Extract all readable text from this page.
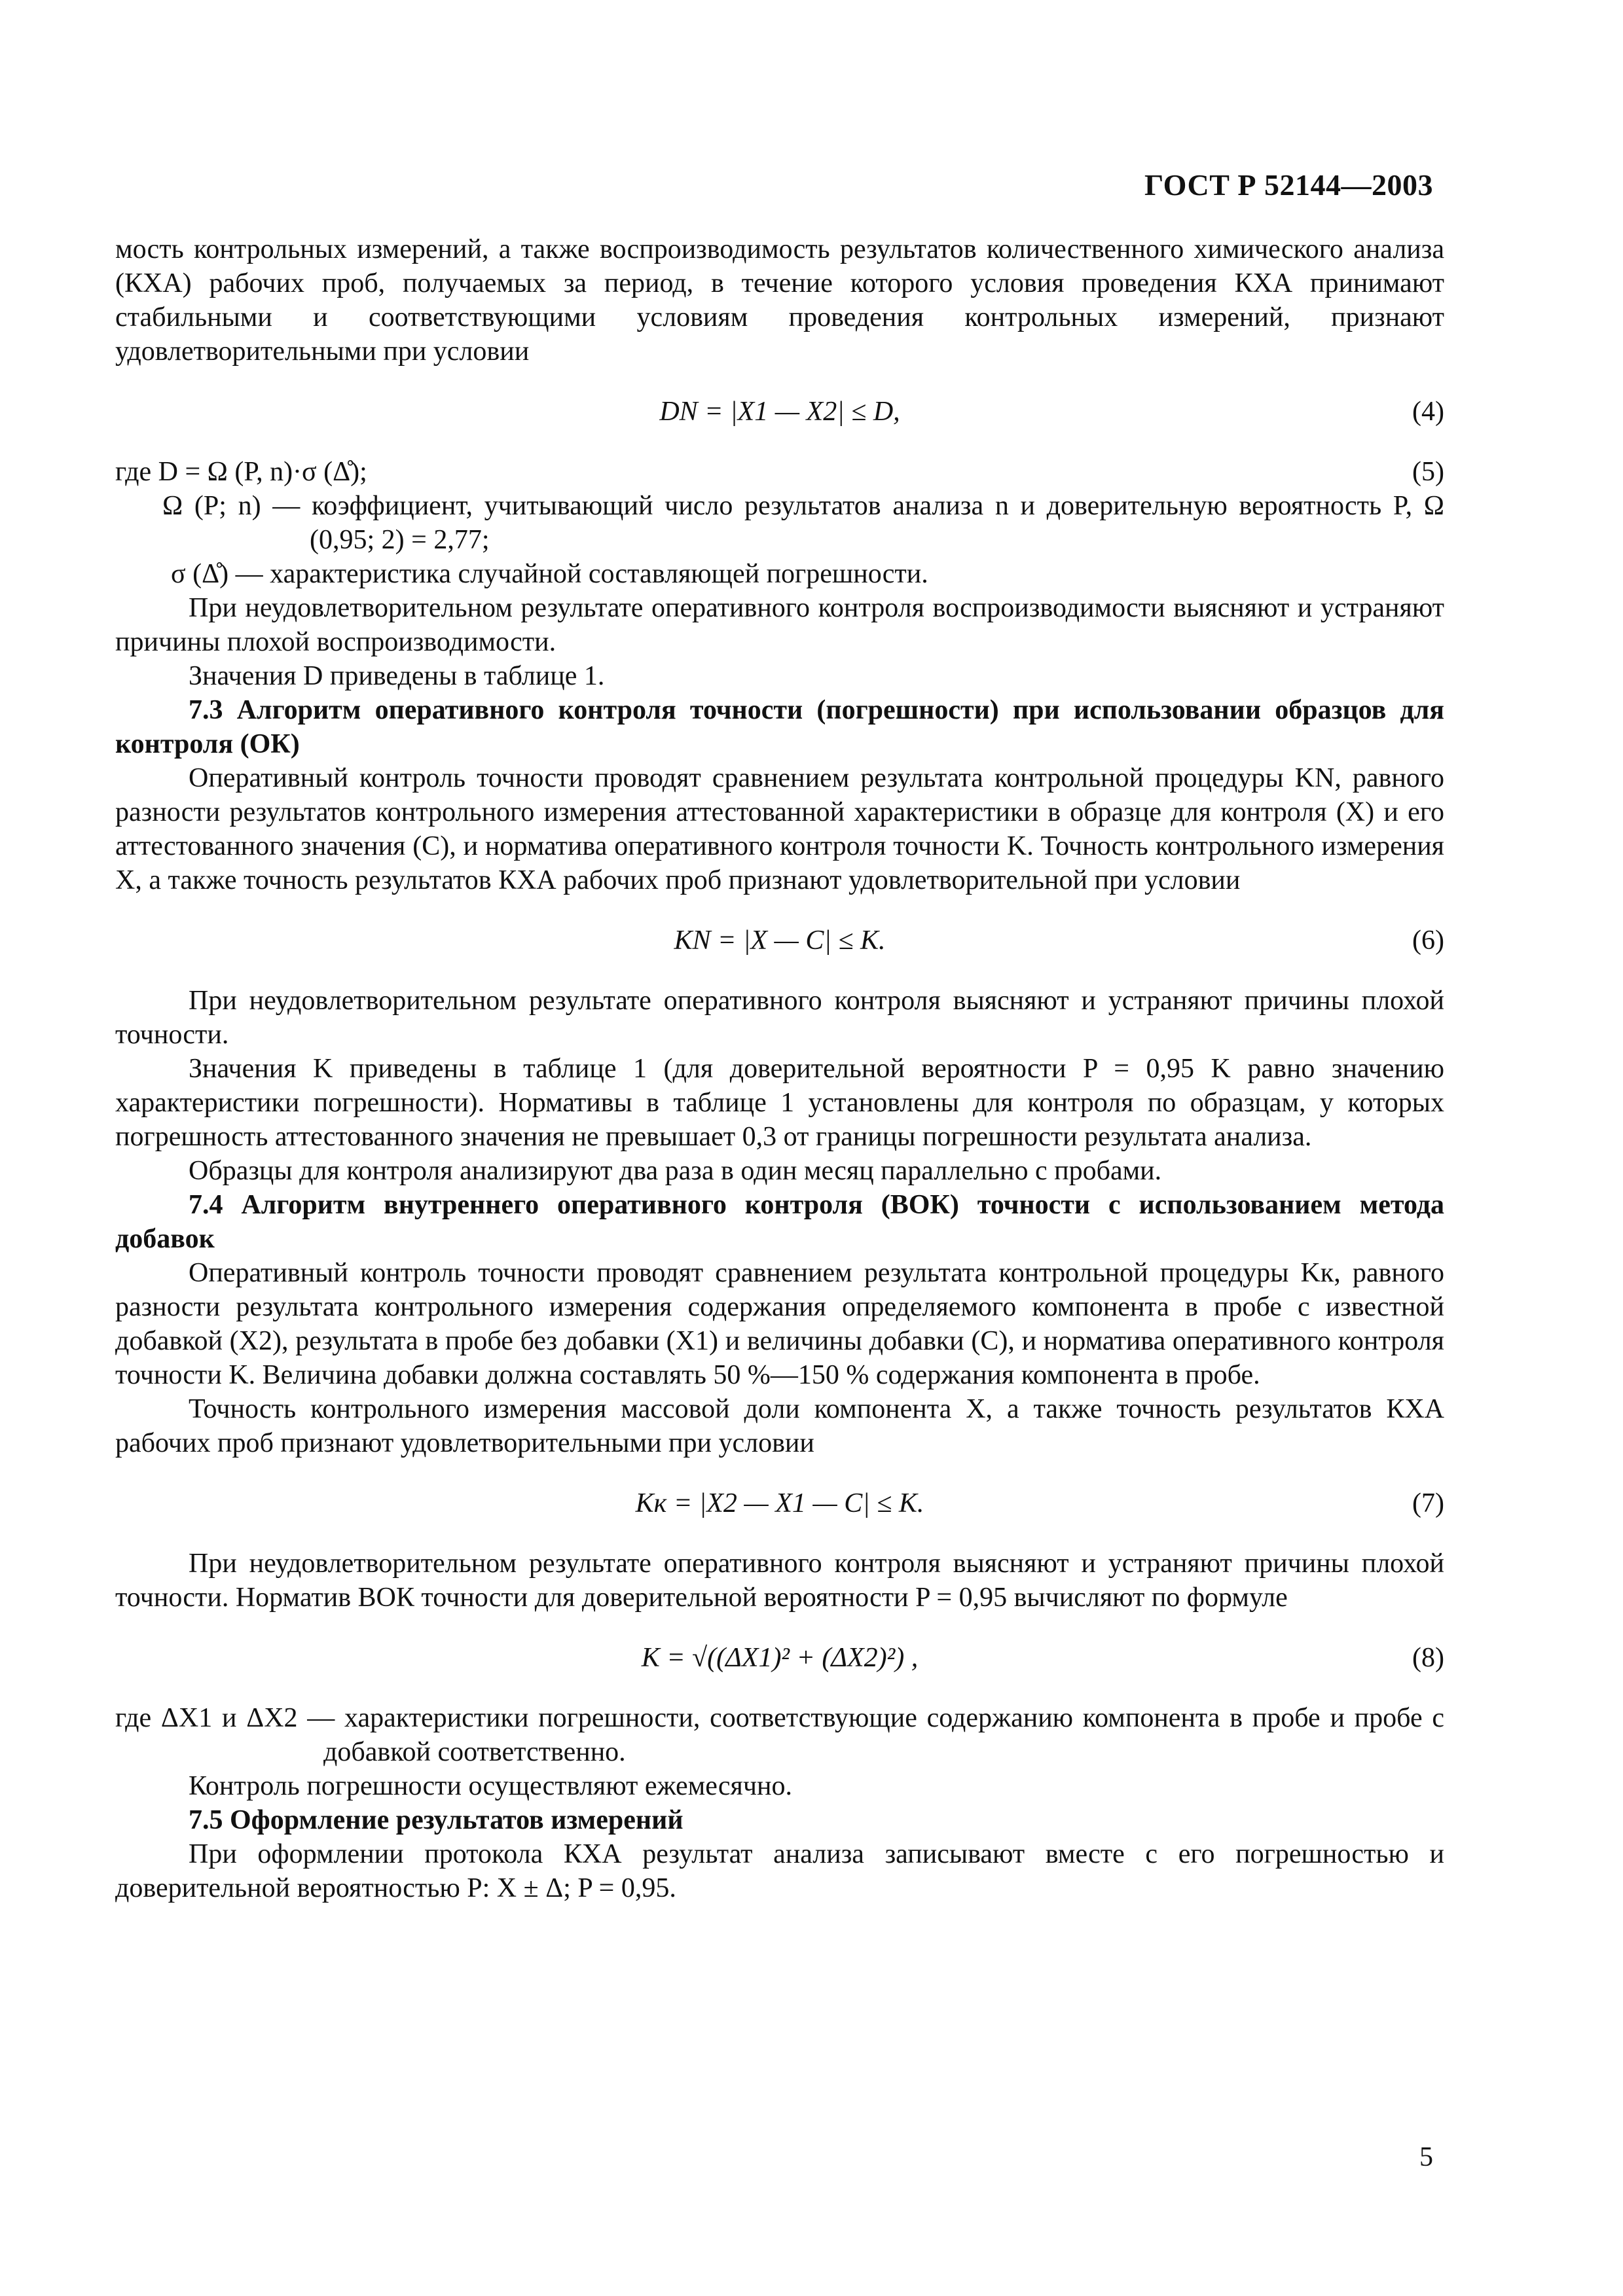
ГОСТ Р 52144—2003

мость контрольных измерений, а также воспроизводимость результатов количественного химического анализа (КХА) рабочих проб, получаемых за период, в течение которого условия проведения КХА принимают стабильными и соответствующими условиям проведения контрольных измерений, признают удовлетворительными при условии

DN = |X1 — X2| ≤ D,	(4)
где D = Ω (P, n)·σ (Δ̊);	(5)

Ω (P; n) — коэффициент, учитывающий число результатов анализа n и доверительную вероятность P, Ω (0,95; 2) = 2,77;

σ (Δ̊) — характеристика случайной составляющей погрешности.

При неудовлетворительном результате оперативного контроля воспроизводимости выясняют и устраняют причины плохой воспроизводимости.

Значения D приведены в таблице 1.

7.3 Алгоритм оперативного контроля точности (погрешности) при использовании образцов для контроля (ОК)

Оперативный контроль точности проводят сравнением результата контрольной процедуры KN, равного разности результатов контрольного измерения аттестованной характеристики в образце для контроля (X) и его аттестованного значения (C), и норматива оперативного контроля точности K. Точность контрольного измерения X, а также точность результатов КХА рабочих проб признают удовлетворительной при условии

KN = |X — C| ≤ K.	(6)

При неудовлетворительном результате оперативного контроля выясняют и устраняют причины плохой точности.

Значения K приведены в таблице 1 (для доверительной вероятности P = 0,95 K равно значению характеристики погрешности). Нормативы в таблице 1 установлены для контроля по образцам, у которых погрешность аттестованного значения не превышает 0,3 от границы погрешности результата анализа.

Образцы для контроля анализируют два раза в один месяц параллельно с пробами.

7.4 Алгоритм внутреннего оперативного контроля (ВОК) точности с использованием метода добавок

Оперативный контроль точности проводят сравнением результата контрольной процедуры Kк, равного разности результата контрольного измерения содержания определяемого компонента в пробе с известной добавкой (X2), результата в пробе без добавки (X1) и величины добавки (C), и норматива оперативного контроля точности K. Величина добавки должна составлять 50 %—150 % содержания компонента в пробе.

Точность контрольного измерения массовой доли компонента X, а также точность результатов КХА рабочих проб признают удовлетворительными при условии

Kк = |X2 — X1 — C| ≤ K.	(7)

При неудовлетворительном результате оперативного контроля выясняют и устраняют причины плохой точности. Норматив ВОК точности для доверительной вероятности P = 0,95 вычисляют по формуле

K = √((ΔX1)² + (ΔX2)²) ,	(8)

где ΔX1 и ΔX2 — характеристики погрешности, соответствующие содержанию компонента в пробе и пробе с добавкой соответственно.

Контроль погрешности осуществляют ежемесячно.

7.5 Оформление результатов измерений

При оформлении протокола КХА результат анализа записывают вместе с его погрешностью и доверительной вероятностью P: X ± Δ; P = 0,95.

5
